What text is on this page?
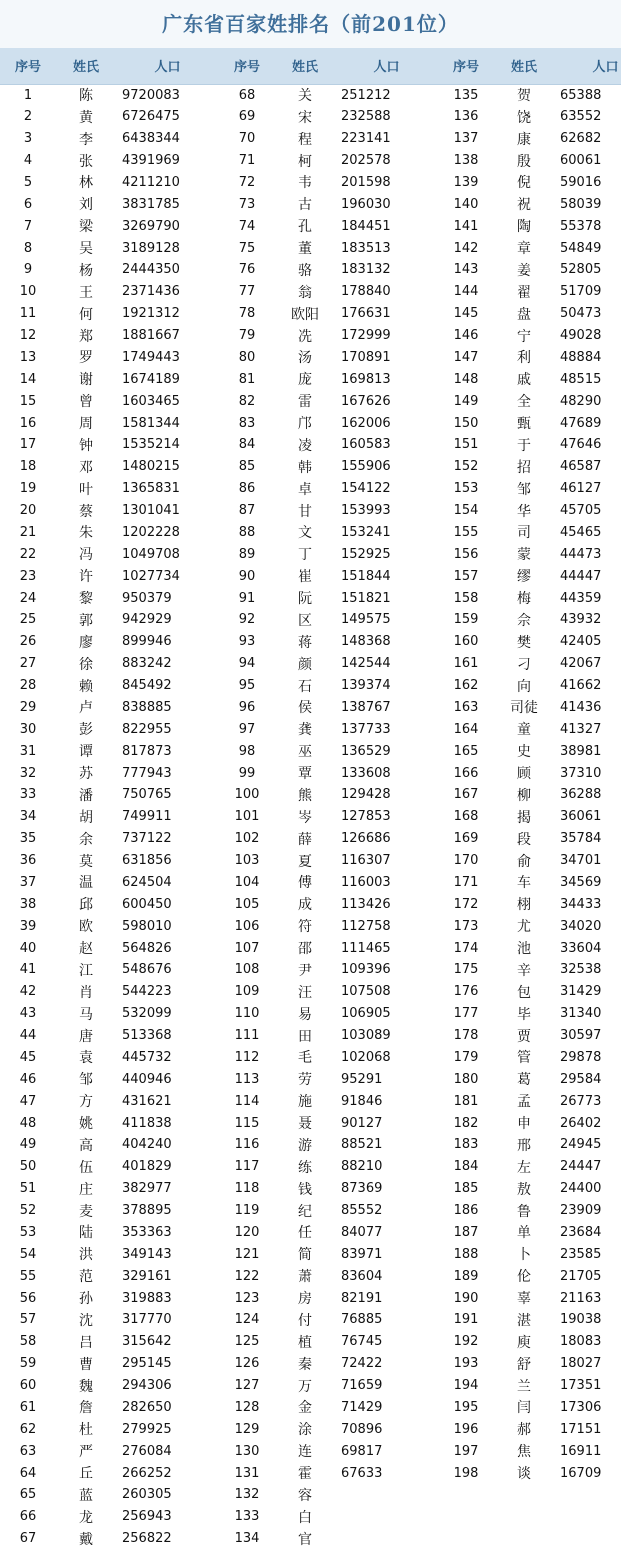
广东省百家姓排名（前201位）
序号	姓氏	人口	序号	姓氏	人口	序号	姓氏	人口
1	陈	9720083	68	关	251212	135	贺	65388
2	黄	6726475	69	宋	232588	136	饶	63552
3	李	6438344	70	程	223141	137	康	62682
4	张	4391969	71	柯	202578	138	殷	60061
5	林	4211210	72	韦	201598	139	倪	59016
6	刘	3831785	73	古	196030	140	祝	58039
7	梁	3269790	74	孔	184451	141	陶	55378
8	吴	3189128	75	董	183513	142	章	54849
9	杨	2444350	76	骆	183132	143	姜	52805
10	王	2371436	77	翁	178840	144	翟	51709
11	何	1921312	78	欧阳	176631	145	盘	50473
12	郑	1881667	79	冼	172999	146	宁	49028
13	罗	1749443	80	汤	170891	147	利	48884
14	谢	1674189	81	庞	169813	148	戚	48515
15	曾	1603465	82	雷	167626	149	全	48290
16	周	1581344	83	邝	162006	150	甄	47689
17	钟	1535214	84	凌	160583	151	于	47646
18	邓	1480215	85	韩	155906	152	招	46587
19	叶	1365831	86	卓	154122	153	邹	46127
20	蔡	1301041	87	甘	153993	154	华	45705
21	朱	1202228	88	文	153241	155	司	45465
22	冯	1049708	89	丁	152925	156	蒙	44473
23	许	1027734	90	崔	151844	157	缪	44447
24	黎	950379	91	阮	151821	158	梅	44359
25	郭	942929	92	区	149575	159	佘	43932
26	廖	899946	93	蒋	148368	160	樊	42405
27	徐	883242	94	颜	142544	161	刁	42067
28	赖	845492	95	石	139374	162	向	41662
29	卢	838885	96	侯	138767	163	司徒	41436
30	彭	822955	97	龚	137733	164	童	41327
31	谭	817873	98	巫	136529	165	史	38981
32	苏	777943	99	覃	133608	166	顾	37310
33	潘	750765	100	熊	129428	167	柳	36288
34	胡	749911	101	岑	127853	168	揭	36061
35	余	737122	102	薛	126686	169	段	35784
36	莫	631856	103	夏	116307	170	俞	34701
37	温	624504	104	傅	116003	171	车	34569
38	邱	600450	105	成	113426	172	栩	34433
39	欧	598010	106	符	112758	173	尤	34020
40	赵	564826	107	邵	111465	174	池	33604
41	江	548676	108	尹	109396	175	辛	32538
42	肖	544223	109	汪	107508	176	包	31429
43	马	532099	110	易	106905	177	毕	31340
44	唐	513368	111	田	103089	178	贾	30597
45	袁	445732	112	毛	102068	179	管	29878
46	邹	440946	113	劳	95291	180	葛	29584
47	方	431621	114	施	91846	181	孟	26773
48	姚	411838	115	聂	90127	182	申	26402
49	高	404240	116	游	88521	183	邢	24945
50	伍	401829	117	练	88210	184	左	24447
51	庄	382977	118	钱	87369	185	敖	24400
52	麦	378895	119	纪	85552	186	鲁	23909
53	陆	353363	120	任	84077	187	单	23684
54	洪	349143	121	简	83971	188	卜	23585
55	范	329161	122	萧	83604	189	伦	21705
56	孙	319883	123	房	82191	190	辜	21163
57	沈	317770	124	付	76885	191	湛	19038
58	吕	315642	125	植	76745	192	庾	18083
59	曹	295145	126	秦	72422	193	舒	18027
60	魏	294306	127	万	71659	194	兰	17351
61	詹	282650	128	金	71429	195	闫	17306
62	杜	279925	129	涂	70896	196	郝	17151
63	严	276084	130	连	69817	197	焦	16911
64	丘	266252	131	霍	67633	198	谈	16709
65	蓝	260305	132	容				
66	龙	256943	133	白				
67	戴	256822	134	官				
